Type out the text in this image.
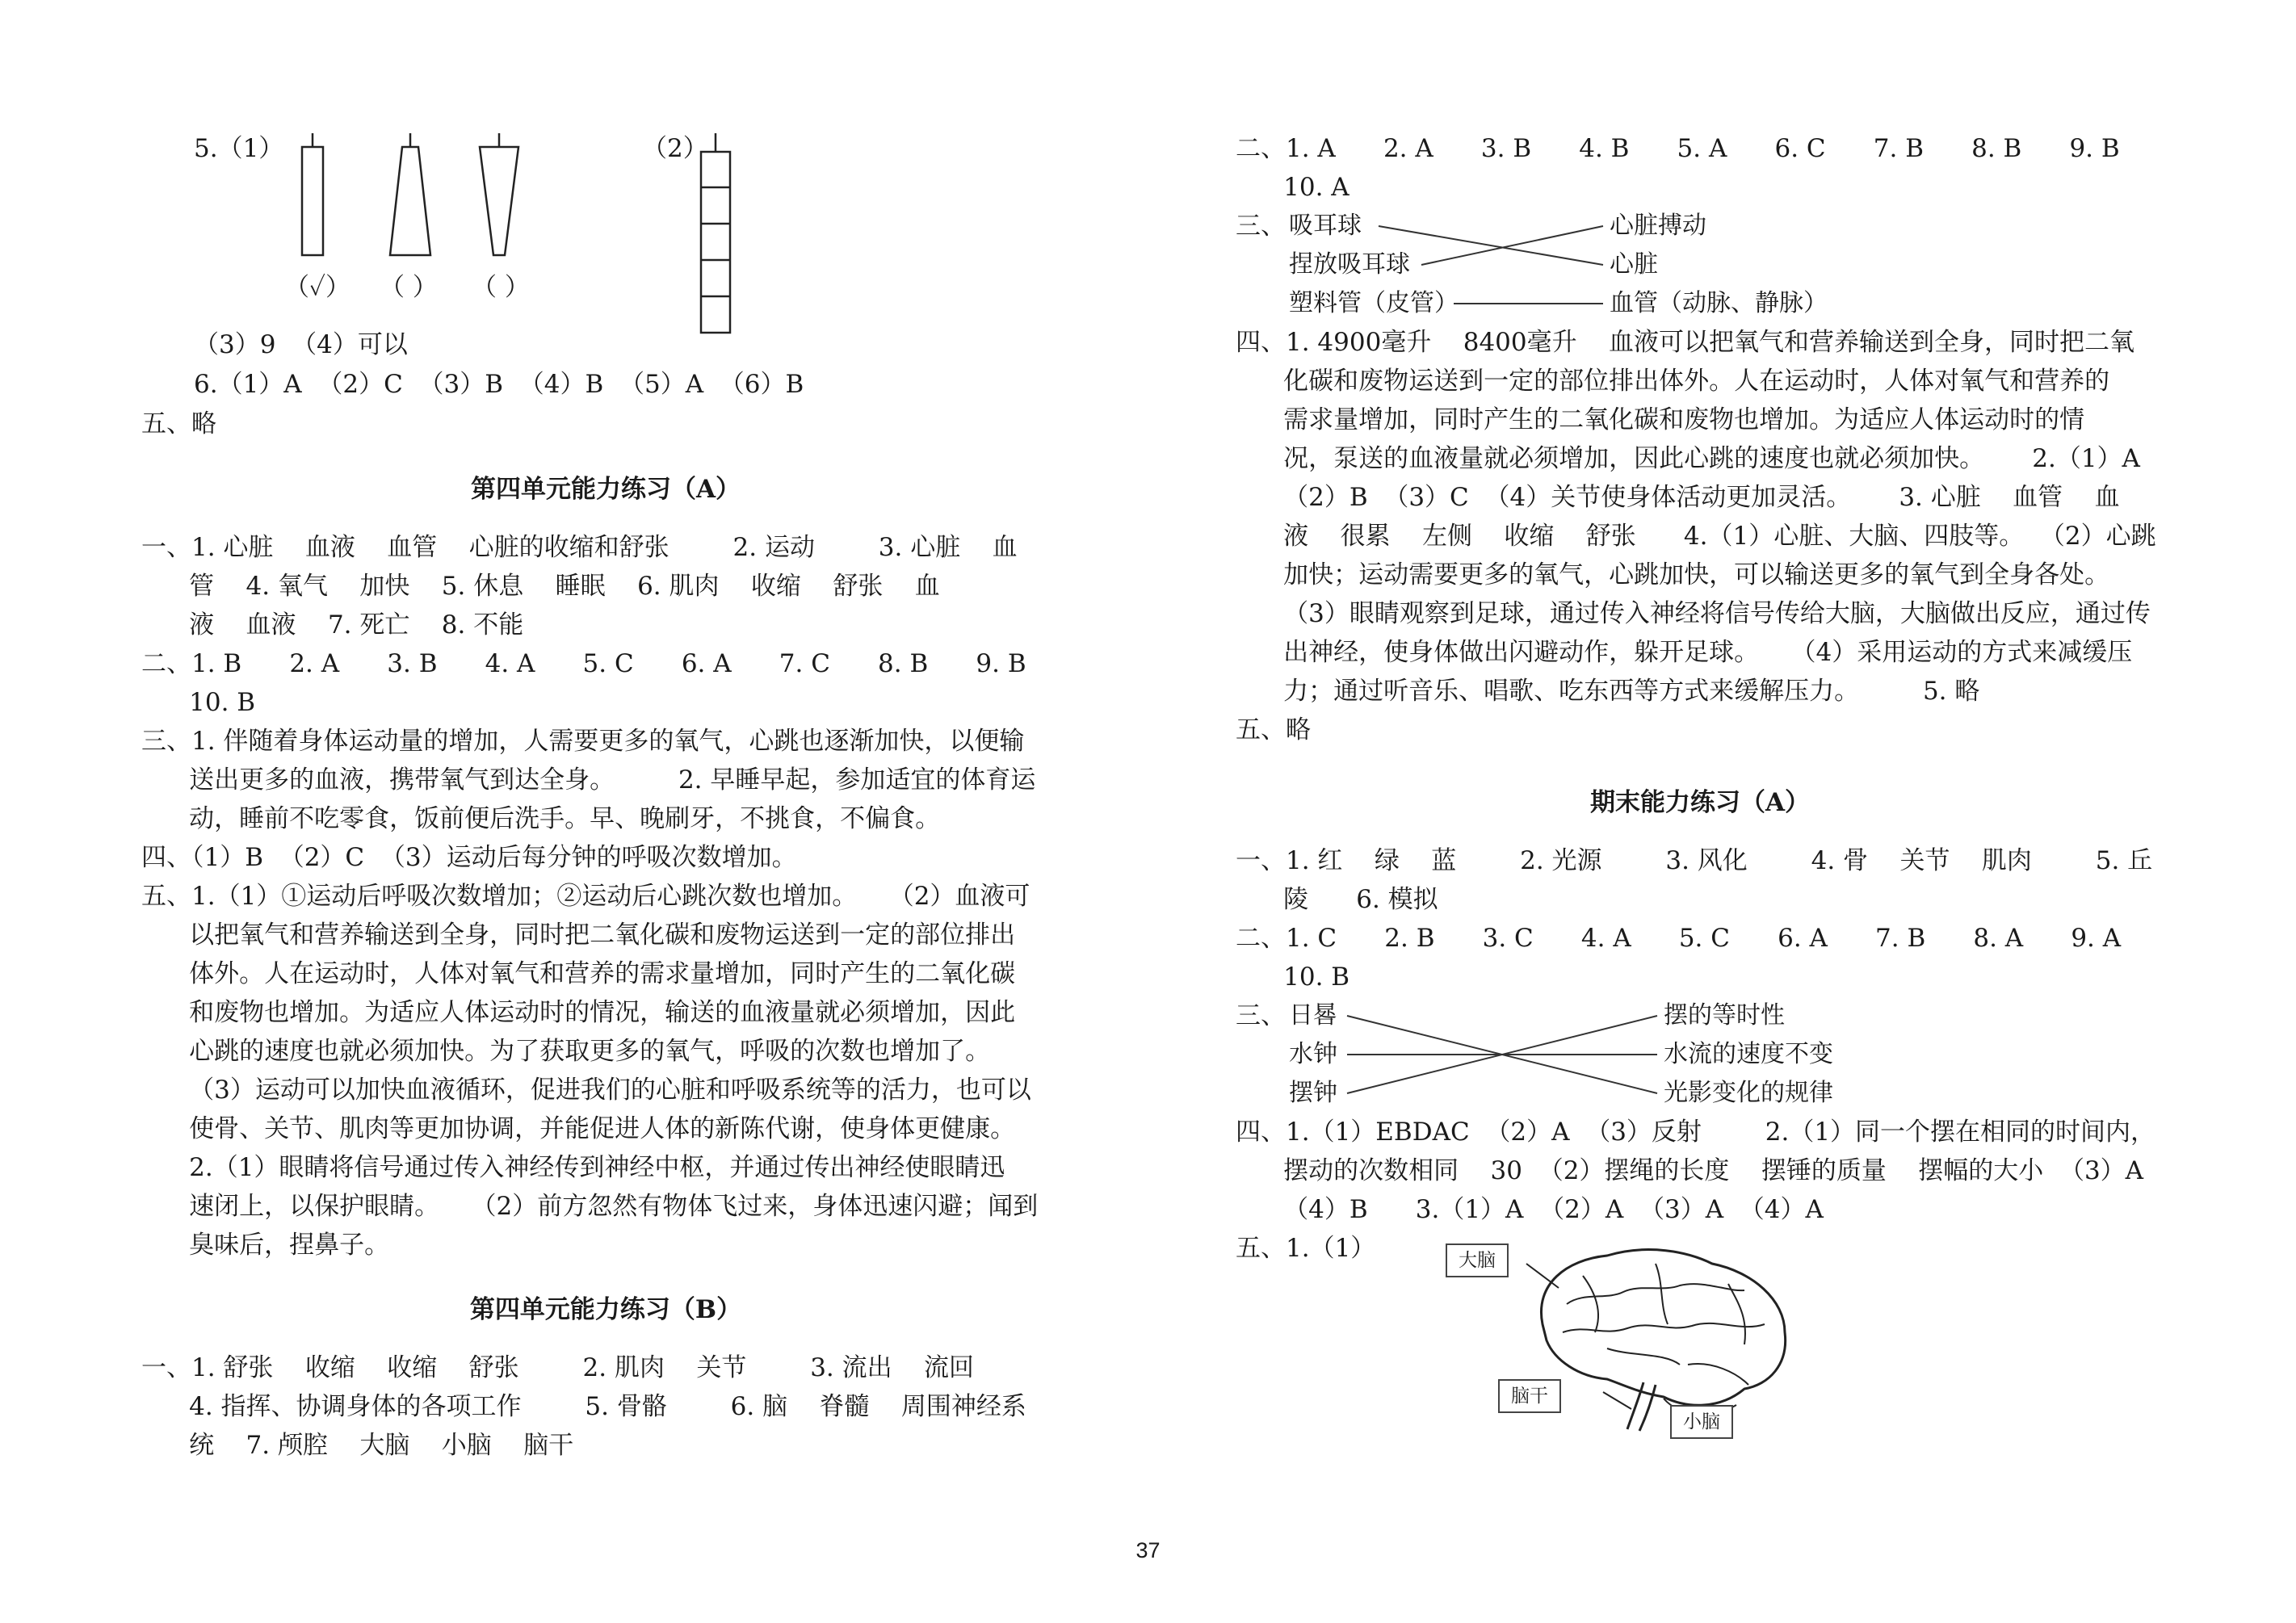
5.（1）	（2）
（✓） （ ） （ ）
（3）9  （4）可以
6.（1）A  （2）C  （3）B  （4）B  （5）A  （6）B
五、略
第四单元能力练习（A）
一、1. 心脏    血液    血管    心脏的收缩和舒张        2. 运动        3. 心脏    血
管    4. 氧气    加快    5. 休息    睡眠    6. 肌肉    收缩    舒张    血
液    血液    7. 死亡    8. 不能
二、1. B      2. A      3. B      4. A      5. C      6. A      7. C      8. B      9. B
10. B
三、1. 伴随着身体运动量的增加，人需要更多的氧气，心跳也逐渐加快，以便输
送出更多的血液，携带氧气到达全身。        2. 早睡早起，参加适宜的体育运
动，睡前不吃零食，饭前便后洗手。早、晚刷牙，不挑食，不偏食。
四、（1）B  （2）C  （3）运动后每分钟的呼吸次数增加。
五、1.（1）①运动后呼吸次数增加；②运动后心跳次数也增加。    （2）血液可
以把氧气和营养输送到全身，同时把二氧化碳和废物运送到一定的部位排出
体外。人在运动时，人体对氧气和营养的需求量增加，同时产生的二氧化碳
和废物也增加。为适应人体运动时的情况，输送的血液量就必须增加，因此
心跳的速度也就必须加快。为了获取更多的氧气，呼吸的次数也增加了。
（3）运动可以加快血液循环，促进我们的心脏和呼吸系统等的活力，也可以
使骨、关节、肌肉等更加协调，并能促进人体的新陈代谢，使身体更健康。
2.（1）眼睛将信号通过传入神经传到神经中枢，并通过传出神经使眼睛迅
速闭上，以保护眼睛。    （2）前方忽然有物体飞过来，身体迅速闪避；闻到
臭味后，捏鼻子。
第四单元能力练习（B）
一、1. 舒张    收缩    收缩    舒张        2. 肌肉    关节        3. 流出    流回
4. 指挥、协调身体的各项工作        5. 骨骼        6. 脑    脊髓    周围神经系
统    7. 颅腔    大脑    小脑    脑干
二、1. A      2. A      3. B      4. B      5. A      6. C      7. B      8. B      9. B
10. A
三、 吸耳球
捏放吸耳球
塑料管（皮管）
心脏搏动
心脏
血管（动脉、静脉）
四、1. 4900毫升    8400毫升    血液可以把氧气和营养输送到全身，同时把二氧
化碳和废物运送到一定的部位排出体外。人在运动时，人体对氧气和营养的
需求量增加，同时产生的二氧化碳和废物也增加。为适应人体运动时的情
况，泵送的血液量就必须增加，因此心跳的速度也就必须加快。      2.（1）A
（2）B  （3）C  （4）关节使身体活动更加灵活。      3. 心脏    血管    血
液    很累    左侧    收缩    舒张      4.（1）心脏、大脑、四肢等。  （2）心跳
加快；运动需要更多的氧气，心跳加快，可以输送更多的氧气到全身各处。
（3）眼睛观察到足球，通过传入神经将信号传给大脑，大脑做出反应，通过传
出神经，使身体做出闪避动作，躲开足球。    （4）采用运动的方式来减缓压
力；通过听音乐、唱歌、吃东西等方式来缓解压力。        5. 略
五、略
期末能力练习（A）
一、1. 红    绿    蓝        2. 光源        3. 风化        4. 骨    关节    肌肉        5. 丘
陵      6. 模拟
二、1. C      2. B      3. C      4. A      5. C      6. A      7. B      8. A      9. A
10. B
三、 日晷
水钟
摆钟
摆的等时性
水流的速度不变
光影变化的规律
四、1.（1）EBDAC  （2）A  （3）反射        2.（1）同一个摆在相同的时间内，
摆动的次数相同    30  （2）摆绳的长度    摆锤的质量    摆幅的大小  （3）A
（4）B      3.（1）A  （2）A  （3）A  （4）A
五、1.（1）	大脑
脑干
小脑
37
